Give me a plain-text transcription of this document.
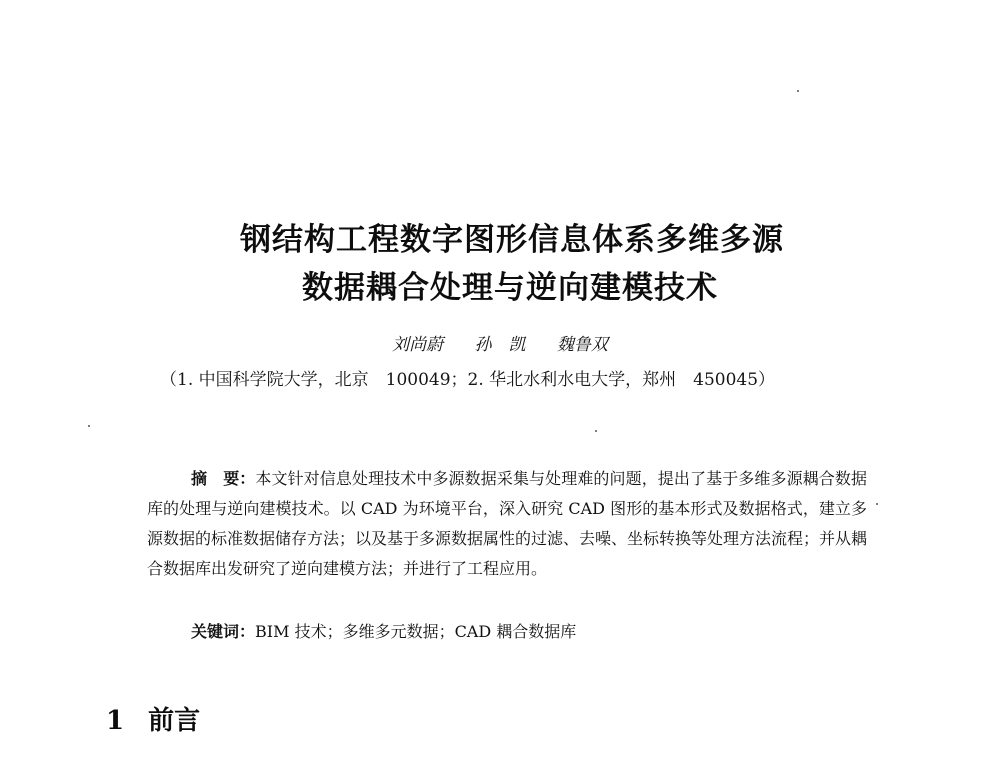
钢结构工程数字图形信息体系多维多源
数据耦合处理与逆向建模技术
刘尚蔚 孙　凯 魏鲁双
（1. 中国科学院大学，北京　100049；2. 华北水利水电大学，郑州　450045）
摘　要：本文针对信息处理技术中多源数据采集与处理难的问题，提出了基于多维多源耦合数据库的处理与逆向建模技术。以 CAD 为环境平台，深入研究 CAD 图形的基本形式及数据格式，建立多源数据的标准数据储存方法；以及基于多源数据属性的过滤、去噪、坐标转换等处理方法流程；并从耦合数据库出发研究了逆向建模方法；并进行了工程应用。
关键词：BIM 技术；多维多元数据；CAD 耦合数据库
1 前言
